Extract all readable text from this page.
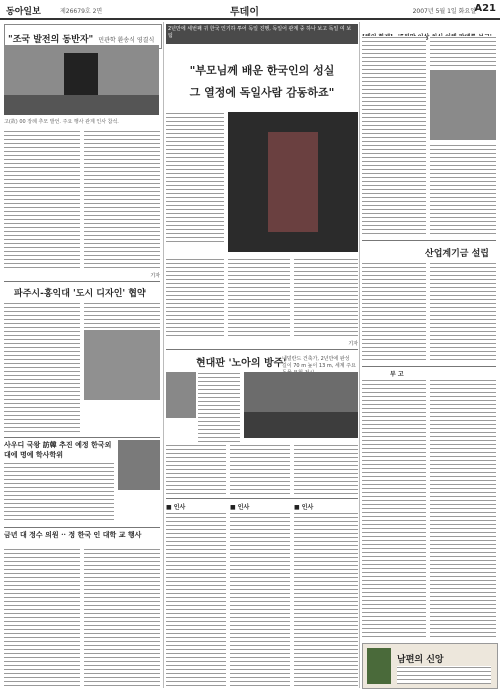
동아일보	제26679호 2면	투데이	2007년 5월 1일 화요일
A21
"조국 발전의 동반자" 민관학 환송식 영결식
고(故) 00 장례 추모 발언. 주요 행사 관계 인사 참석.
기자
파주시-홍익대 '도시 디자인' 협약
사우디 국왕 訪韓 추진 예정 한국외대에 명예 학사학위
금년 대 정수 의원 ·· 정 한국 인 대학 교 행사
2년만에 세번째 귀 한국 인기하 투어 독일 진행, 독일어 관계 중 하나 보고 독일 여 보 팀
"부모님께 배운 한국인의 성실
그 열정에 독일사람 감동하죠"
기자
현대판 '노아의 방주'
네덜란드 건축가, 2년만에 완성
길이 70 m 높이 13 m, 세계 주요
■ 인사	■ 인사	■ 인사
산업계기금 설립
부 고
남편의 신앙
